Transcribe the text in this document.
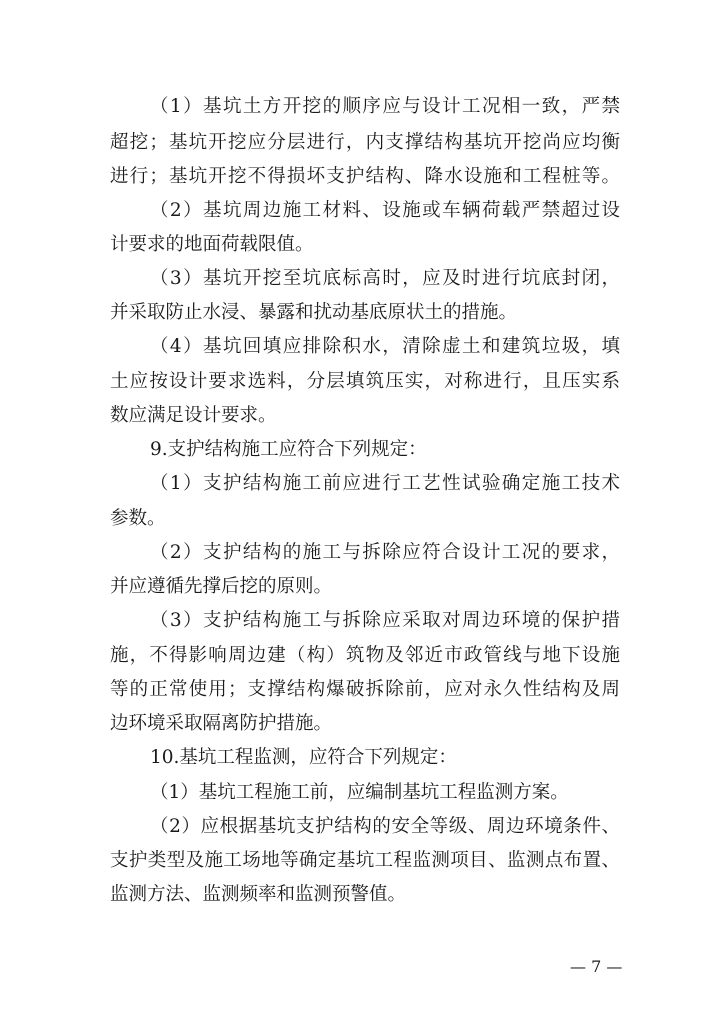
（1）基坑土方开挖的顺序应与设计工况相一致，严禁
超挖；基坑开挖应分层进行，内支撑结构基坑开挖尚应均衡
进行；基坑开挖不得损坏支护结构、降水设施和工程桩等。
（2）基坑周边施工材料、设施或车辆荷载严禁超过设
计要求的地面荷载限值。
（3）基坑开挖至坑底标高时，应及时进行坑底封闭，
并采取防止水浸、暴露和扰动基底原状土的措施。
（4）基坑回填应排除积水，清除虚土和建筑垃圾，填
土应按设计要求选料，分层填筑压实，对称进行，且压实系
数应满足设计要求。
9.支护结构施工应符合下列规定：
（1）支护结构施工前应进行工艺性试验确定施工技术
参数。
（2）支护结构的施工与拆除应符合设计工况的要求，
并应遵循先撑后挖的原则。
（3）支护结构施工与拆除应采取对周边环境的保护措
施，不得影响周边建（构）筑物及邻近市政管线与地下设施
等的正常使用；支撑结构爆破拆除前，应对永久性结构及周
边环境采取隔离防护措施。
10.基坑工程监测，应符合下列规定：
（1）基坑工程施工前，应编制基坑工程监测方案。
（2）应根据基坑支护结构的安全等级、周边环境条件、
支护类型及施工场地等确定基坑工程监测项目、监测点布置、
监测方法、监测频率和监测预警值。
— 7 —
